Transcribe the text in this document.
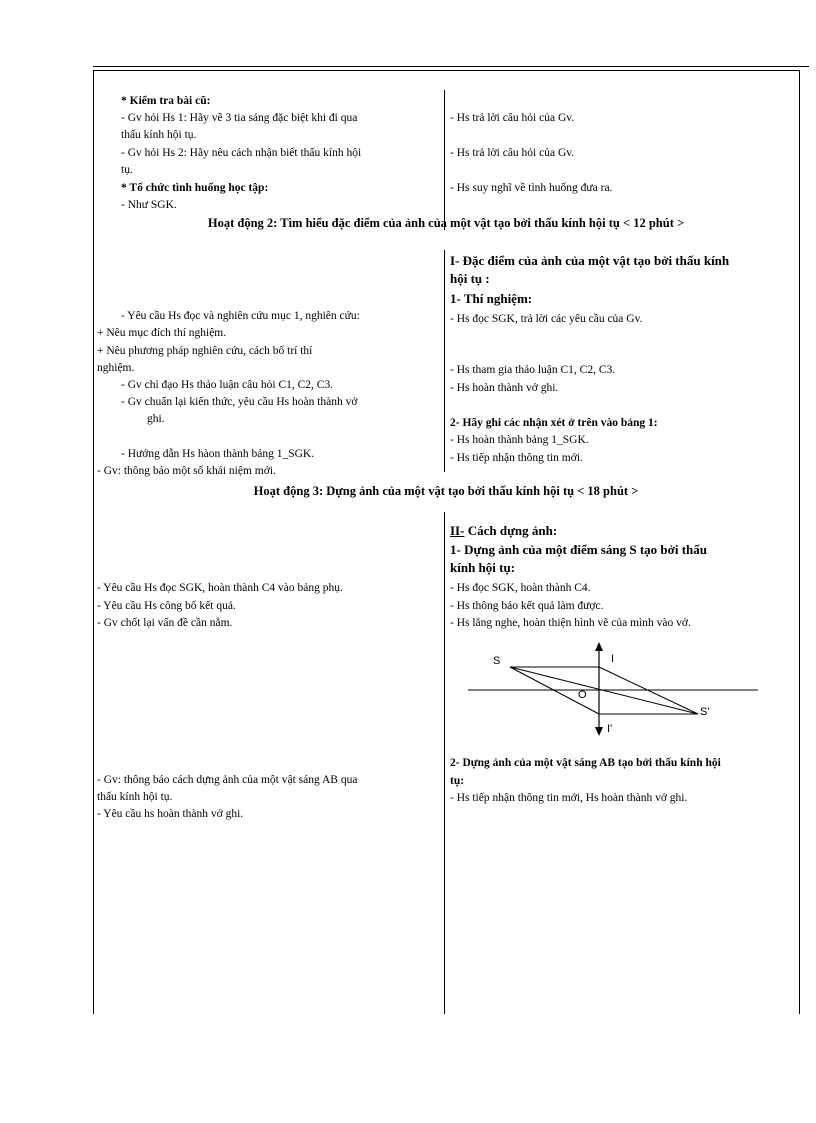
* Kiểm tra bài cũ:
- Gv hỏi Hs 1: Hãy vẽ 3 tia sáng đặc biệt khi đi qua
thấu kính hội tụ.
- Gv hỏi Hs 2: Hãy nêu cách nhận biết thấu kính hội
tụ.
* Tổ chức tình huống học tập:
- Như SGK.
- Hs trả lời câu hỏi của Gv.
- Hs trả lời câu hỏi của Gv.
- Hs suy nghĩ về tình huống đưa ra.
Hoạt động 2: Tìm hiểu đặc điểm của ảnh của một vật tạo bởi thấu kính hội tụ < 12 phút >
I- Đặc điểm của ảnh của một vật tạo bởi thấu kính
hội tụ :
1- Thí nghiệm:
- Hs đọc SGK, trả lời các yêu cầu của Gv.
- Hs tham gia thảo luận C1, C2, C3.
- Hs hoàn thành vở ghi.
2- Hãy ghi các nhận xét ở trên vào bảng 1:
- Hs hoàn thành bảng 1_SGK.
- Hs tiếp nhận thông tin mới.
- Yêu cầu Hs đọc và nghiên cứu mục 1, nghiên cứu:
+ Nêu mục đích thí nghiệm.
+ Nêu phương pháp nghiên cứu, cách bố trí thí
nghiệm.
- Gv chỉ đạo Hs thảo luận câu hỏi C1, C2, C3.
- Gv chuẩn lại kiến thức, yêu cầu Hs hoàn thành vở
ghi.
- Hướng dẫn Hs hàon thành bảng 1_SGK.
- Gv: thông báo một số khái niệm mới.
Hoạt động 3: Dựng ảnh của một vật tạo bởi thấu kính hội tụ < 18 phút >
II- Cách dựng ảnh:
1- Dựng ảnh của một điểm sáng S tạo bởi thấu
kính hội tụ:
- Hs đọc SGK, hoàn thành C4.
- Hs thông báo kết quả làm được.
- Hs lắng nghe, hoàn thiện hình vẽ của mình vào vở.
- Yêu cầu Hs đọc SGK, hoàn thành C4 vào bảng phụ.
- Yêu cầu Hs công bố kết quả.
- Gv chốt lại vấn đề cần nắm.
S	I
O
S'
I'
2- Dựng ảnh của một vật sáng AB tạo bởi thấu kính hội
tụ:
- Hs tiếp nhận thông tin mới, Hs hoàn thành vở ghi.
- Gv: thông báo cách dựng ảnh của một vật sáng AB qua
thấu kính hội tụ.
- Yêu cầu hs hoàn thành vở ghi.
